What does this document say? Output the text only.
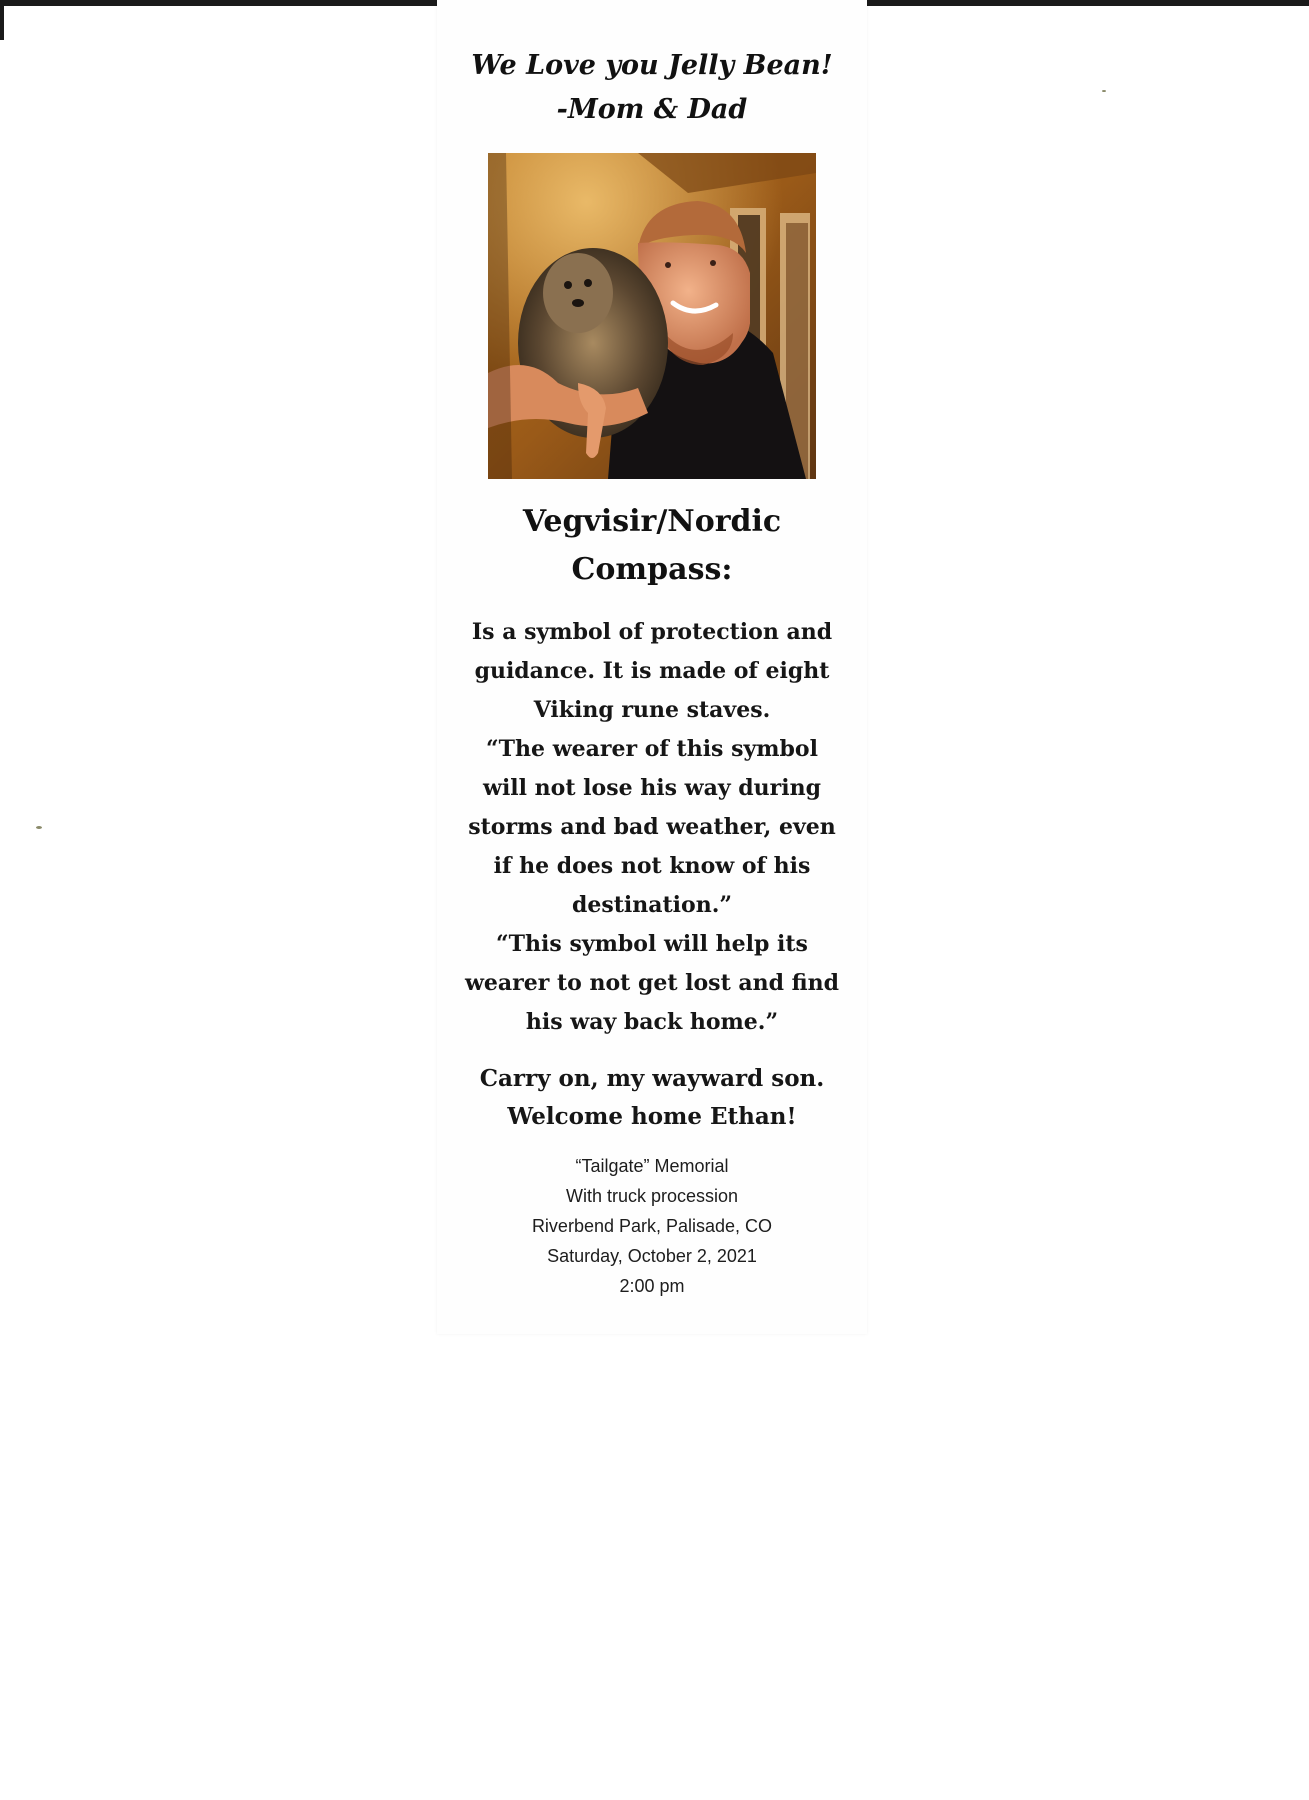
We Love you Jelly Bean!
-Mom & Dad
Vegvisir/Nordic
Compass:
Is a symbol of protection and
guidance. It is made of eight
Viking rune staves.
“The wearer of this symbol
will not lose his way during
storms and bad weather, even
if he does not know of his
destination.”
“This symbol will help its
wearer to not get lost and find
his way back home.”
Carry on, my wayward son.
Welcome home Ethan!
“Tailgate” Memorial
With truck procession
Riverbend Park, Palisade, CO
Saturday, October 2, 2021
2:00 pm
